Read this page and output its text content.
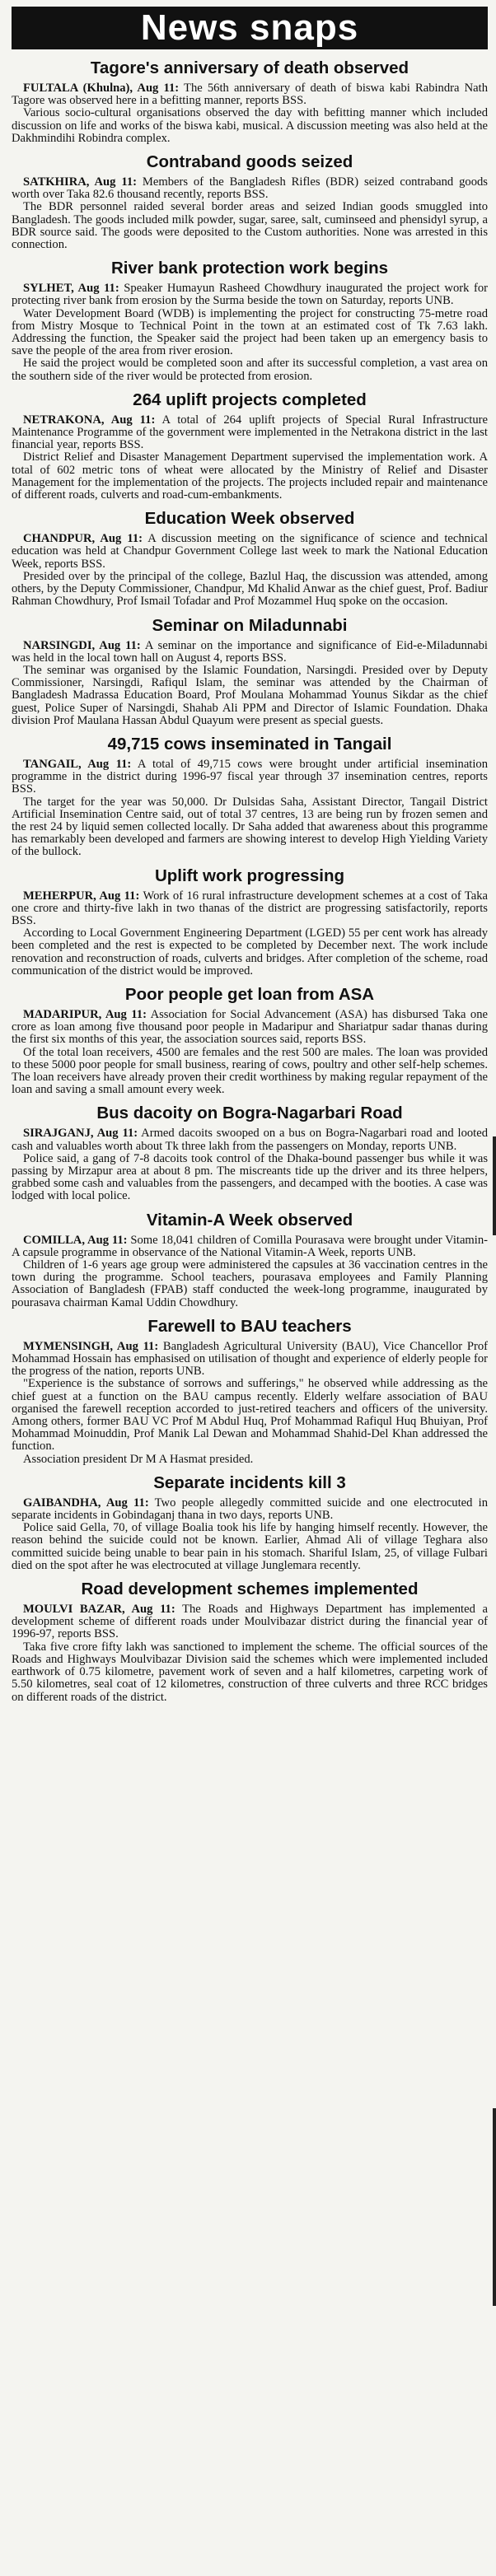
News snaps
Tagore's anniversary of death observed

FULTALA (Khulna), Aug 11: The 56th anniversary of death of biswa kabi Rabindra Nath Tagore was observed here in a befitting manner, reports BSS.

Various socio-cultural organisations observed the day with befitting manner which included discussion on life and works of the biswa kabi, musical. A discussion meeting was also held at the Dakhmindihi Robindra complex.

Contraband goods seized

SATKHIRA, Aug 11: Members of the Bangladesh Rifles (BDR) seized contraband goods worth over Taka 82.6 thousand recently, reports BSS.

The BDR personnel raided several border areas and seized Indian goods smuggled into Bangladesh. The goods included milk powder, sugar, saree, salt, cuminseed and phensidyl syrup, a BDR source said. The goods were deposited to the Custom authorities. None was arrested in this connection.

River bank protection work begins

SYLHET, Aug 11: Speaker Humayun Rasheed Chowdhury inaugurated the project work for protecting river bank from erosion by the Surma beside the town on Saturday, reports UNB.

Water Development Board (WDB) is implementing the project for constructing 75-metre road from Mistry Mosque to Technical Point in the town at an estimated cost of Tk 7.63 lakh. Addressing the function, the Speaker said the project had been taken up an emergency basis to save the people of the area from river erosion.

He said the project would be completed soon and after its successful completion, a vast area on the southern side of the river would be protected from erosion.

264 uplift projects completed

NETRAKONA, Aug 11: A total of 264 uplift projects of Special Rural Infrastructure Maintenance Programme of the government were implemented in the Netrakona district in the last financial year, reports BSS.

District Relief and Disaster Management Department supervised the implementation work. A total of 602 metric tons of wheat were allocated by the Ministry of Relief and Disaster Management for the implementation of the projects. The projects included repair and maintenance of different roads, culverts and road-cum-embankments.

Education Week observed

CHANDPUR, Aug 11: A discussion meeting on the significance of science and technical education was held at Chandpur Government College last week to mark the National Education Week, reports BSS.

Presided over by the principal of the college, Bazlul Haq, the discussion was attended, among others, by the Deputy Commissioner, Chandpur, Md Khalid Anwar as the chief guest, Prof. Badiur Rahman Chowdhury, Prof Ismail Tofadar and Prof Mozammel Huq spoke on the occasion.

Seminar on Miladunnabi

NARSINGDI, Aug 11: A seminar on the importance and significance of Eid-e-Miladunnabi was held in the local town hall on August 4, reports BSS.

The seminar was organised by the Islamic Foundation, Narsingdi. Presided over by Deputy Commissioner, Narsingdi, Rafiqul Islam, the seminar was attended by the Chairman of Bangladesh Madrassa Education Board, Prof Moulana Mohammad Younus Sikdar as the chief guest, Police Super of Narsingdi, Shahab Ali PPM and Director of Islamic Foundation. Dhaka division Prof Maulana Hassan Abdul Quayum were present as special guests.

49,715 cows inseminated in Tangail

TANGAIL, Aug 11: A total of 49,715 cows were brought under artificial insemination programme in the district during 1996-97 fiscal year through 37 insemination centres, reports BSS.

The target for the year was 50,000. Dr Dulsidas Saha, Assistant Director, Tangail District Artificial Insemination Centre said, out of total 37 centres, 13 are being run by frozen semen and the rest 24 by liquid semen collected locally. Dr Saha added that awareness about this programme has remarkably been developed and farmers are showing interest to develop High Yielding Variety of the bullock.

Uplift work progressing

MEHERPUR, Aug 11: Work of 16 rural infrastructure development schemes at a cost of Taka one crore and thirty-five lakh in two thanas of the district are progressing satisfactorily, reports BSS.

According to Local Government Engineering Department (LGED) 55 per cent work has already been completed and the rest is expected to be completed by December next. The work include renovation and reconstruction of roads, culverts and bridges. After completion of the scheme, road communication of the district would be improved.

Poor people get loan from ASA

MADARIPUR, Aug 11: Association for Social Advancement (ASA) has disbursed Taka one crore as loan among five thousand poor people in Madaripur and Shariatpur sadar thanas during the first six months of this year, the association sources said, reports BSS.

Of the total loan receivers, 4500 are females and the rest 500 are males. The loan was provided to these 5000 poor people for small business, rearing of cows, poultry and other self-help schemes. The loan receivers have already proven their credit worthiness by making regular repayment of the loan and saving a small amount every week.

Bus dacoity on Bogra-Nagarbari Road

SIRAJGANJ, Aug 11: Armed dacoits swooped on a bus on Bogra-Nagarbari road and looted cash and valuables worth about Tk three lakh from the passengers on Monday, reports UNB.

Police said, a gang of 7-8 dacoits took control of the Dhaka-bound passenger bus while it was passing by Mirzapur area at about 8 pm. The miscreants tide up the driver and its three helpers, grabbed some cash and valuables from the passengers, and decamped with the booties. A case was lodged with local police.

Vitamin-A Week observed

COMILLA, Aug 11: Some 18,041 children of Comilla Pourasava were brought under Vitamin-A capsule programme in observance of the National Vitamin-A Week, reports UNB.

Children of 1-6 years age group were administered the capsules at 36 vaccination centres in the town during the programme. School teachers, pourasava employees and Family Planning Association of Bangladesh (FPAB) staff conducted the week-long programme, inaugurated by pourasava chairman Kamal Uddin Chowdhury.

Farewell to BAU teachers

MYMENSINGH, Aug 11: Bangladesh Agricultural University (BAU), Vice Chancellor Prof Mohammad Hossain has emphasised on utilisation of thought and experience of elderly people for the progress of the nation, reports UNB.

"Experience is the substance of sorrows and sufferings," he observed while addressing as the chief guest at a function on the BAU campus recently. Elderly welfare association of BAU organised the farewell reception accorded to just-retired teachers and officers of the university. Among others, former BAU VC Prof M Abdul Huq, Prof Mohammad Rafiqul Huq Bhuiyan, Prof Mohammad Moinuddin, Prof Manik Lal Dewan and Mohammad Shahid-Del Khan addressed the function.

Association president Dr M A Hasmat presided.

Separate incidents kill 3

GAIBANDHA, Aug 11: Two people allegedly committed suicide and one electrocuted in separate incidents in Gobindaganj thana in two days, reports UNB.

Police said Gella, 70, of village Boalia took his life by hanging himself recently. However, the reason behind the suicide could not be known. Earlier, Ahmad Ali of village Teghara also committed suicide being unable to bear pain in his stomach. Shariful Islam, 25, of village Fulbari died on the spot after he was electrocuted at village Junglemara recently.

Road development schemes implemented

MOULVI BAZAR, Aug 11: The Roads and Highways Department has implemented a development scheme of different roads under Moulvibazar district during the financial year of 1996-97, reports BSS.

Taka five crore fifty lakh was sanctioned to implement the scheme. The official sources of the Roads and Highways Moulvibazar Division said the schemes which were implemented included earthwork of 0.75 kilometre, pavement work of seven and a half kilometres, carpeting work of 5.50 kilometres, seal coat of 12 kilometres, construction of three culverts and three RCC bridges on different roads of the district.
